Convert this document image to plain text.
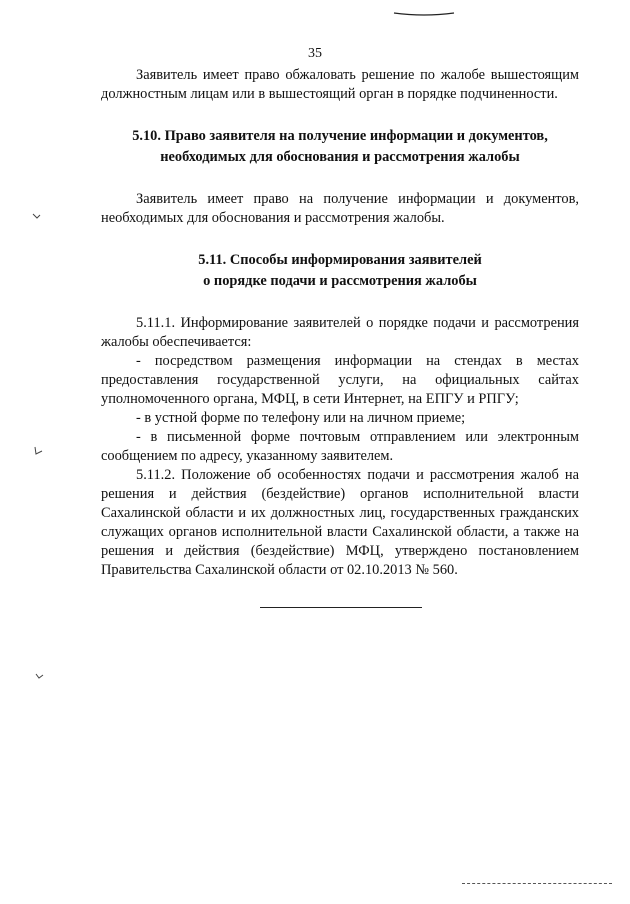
35

Заявитель имеет право обжаловать решение по жалобе вышестоящим должностным лицам или в вышестоящий орган в порядке подчиненности.

5.10. Право заявителя на получение информации и документов,

необходимых для обоснования и рассмотрения жалобы

Заявитель имеет право на получение информации и документов, необходимых для обоснования и рассмотрения жалобы.

5.11. Способы информирования заявителей

о порядке подачи и рассмотрения жалобы

5.11.1. Информирование заявителей о порядке подачи и рассмотрения жалобы обеспечивается:

- посредством размещения информации на стендах в местах предоставления государственной услуги, на официальных сайтах уполномоченного органа, МФЦ, в сети Интернет, на ЕПГУ и РПГУ;

- в устной форме по телефону или на личном приеме;

- в письменной форме почтовым отправлением или электронным сообщением по адресу, указанному заявителем.

5.11.2. Положение об особенностях подачи и рассмотрения жалоб на решения и действия (бездействие) органов исполнительной власти Сахалинской области и их должностных лиц, государственных гражданских служащих органов исполнительной власти Сахалинской области, а также на решения и действия (бездействие) МФЦ, утверждено постановлением Правительства Сахалинской области от 02.10.2013 № 560.
